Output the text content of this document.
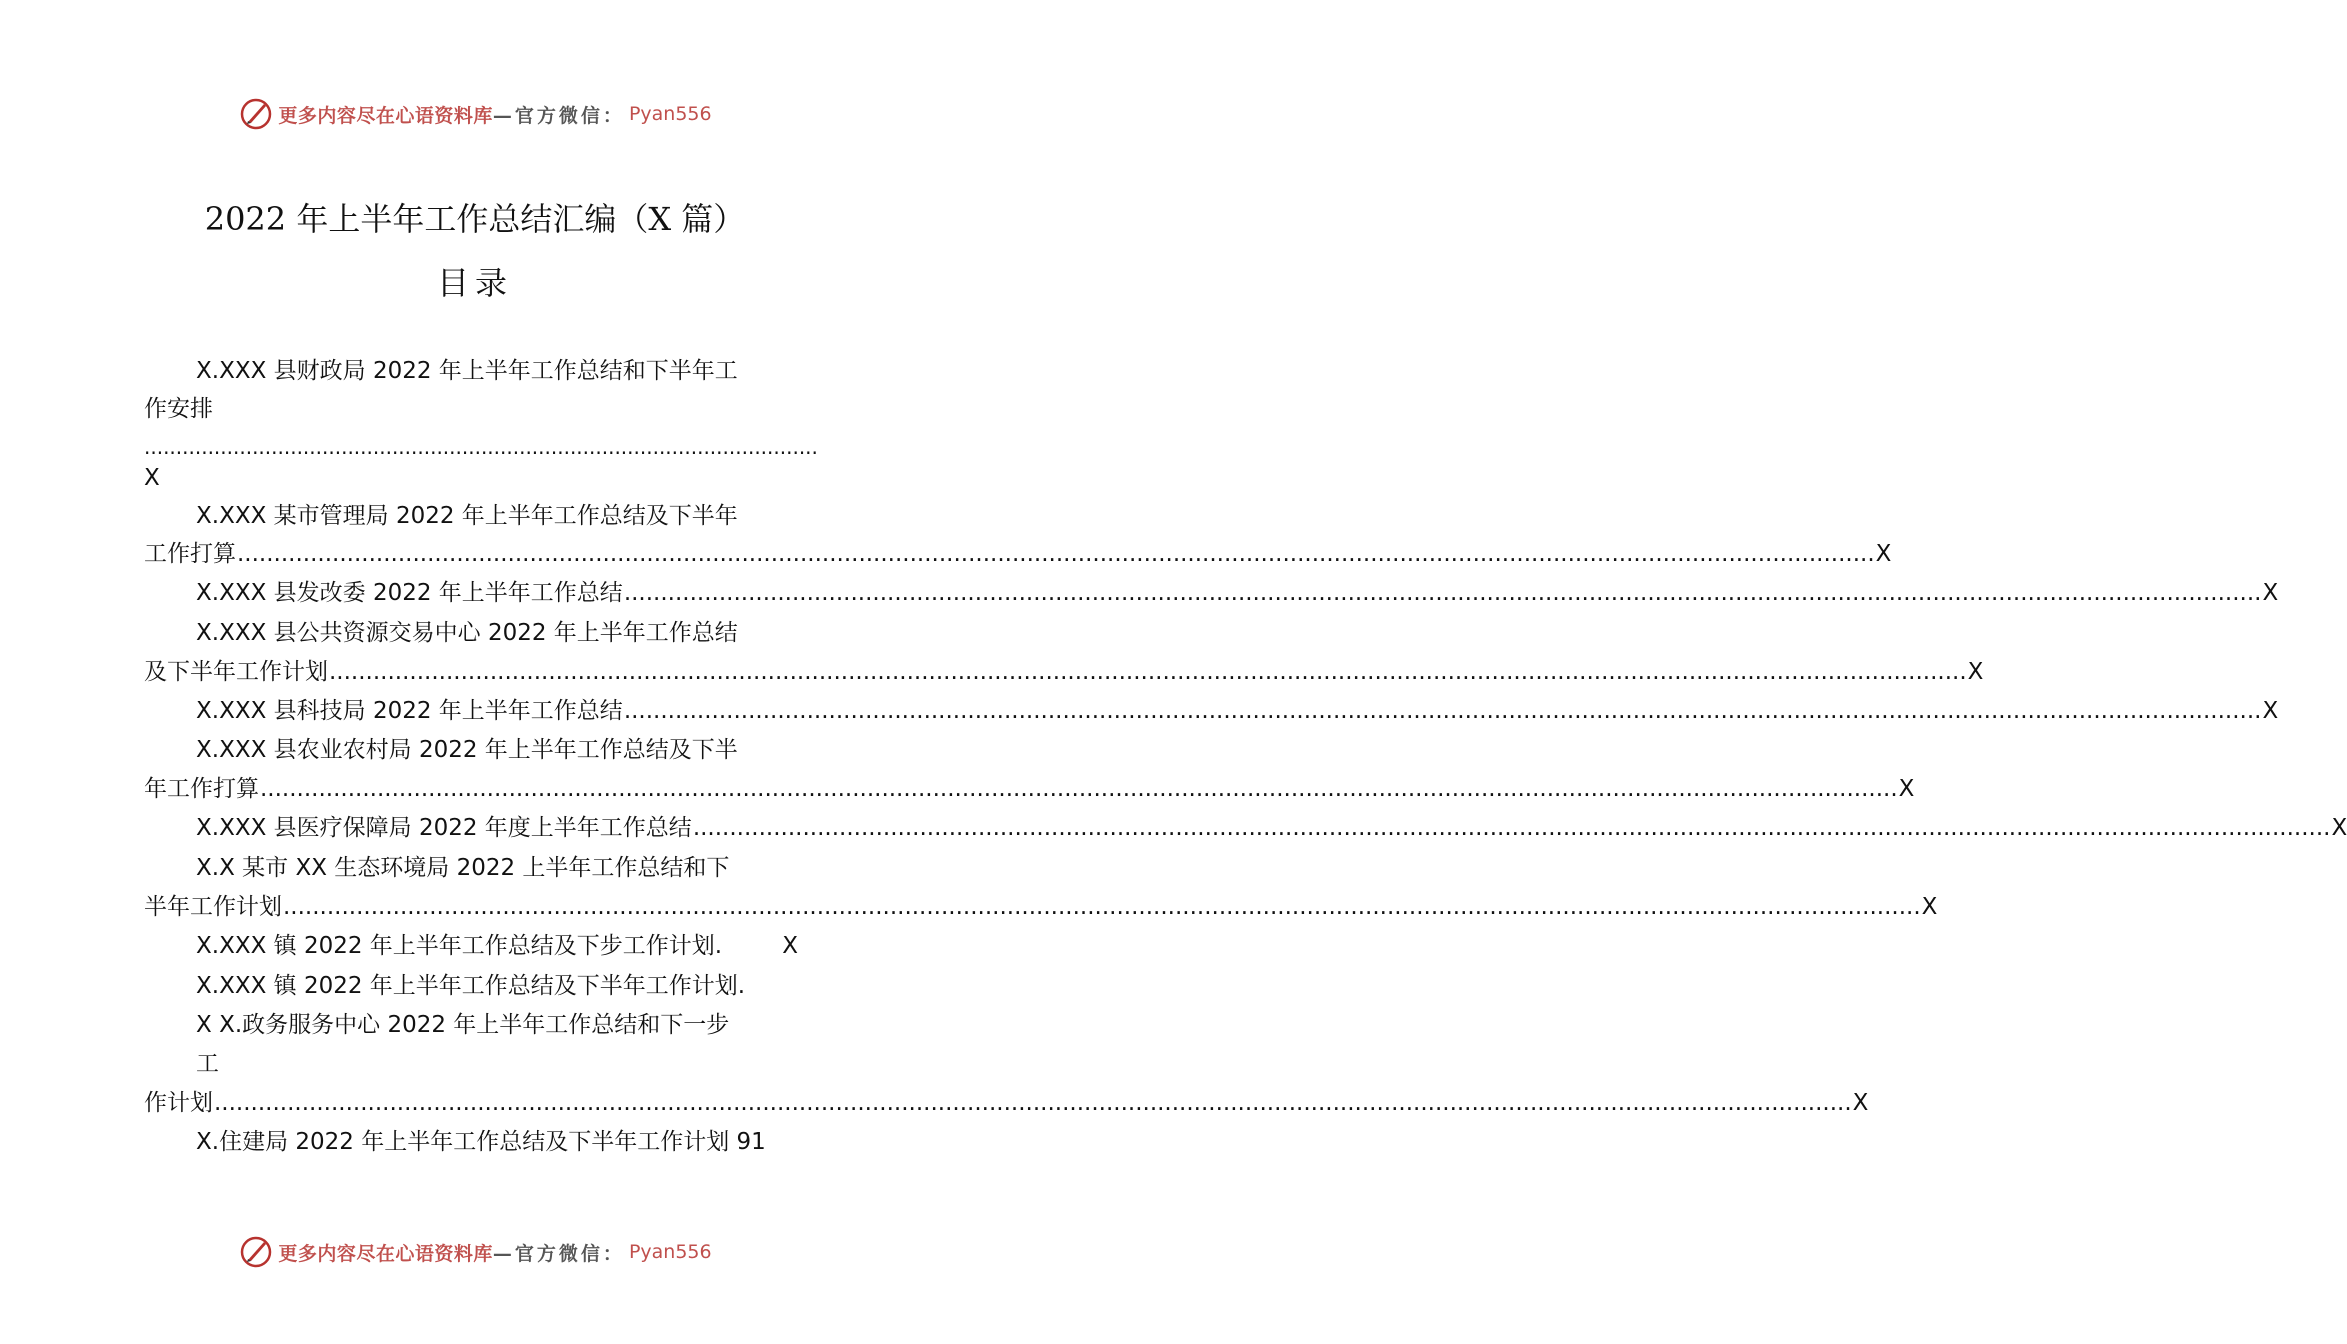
更多内容尽在心语资料库 —官方微信： Pyan556
2022 年上半年工作总结汇编（X 篇）
目录
X.XXX 县财政局 2022 年上半年工作总结和下半年工
作安排
..........................................................................................................
X
X.XXX 某市管理局 2022 年上半年工作总结及下半年
工作打算 ................................................................................................................................................................................................................................ X
X.XXX 县发改委 2022 年上半年工作总结 ................................................................................................................................................................................................................................ X
X.XXX 县公共资源交易中心 2022 年上半年工作总结
及下半年工作计划 ................................................................................................................................................................................................................................ X
X.XXX 县科技局 2022 年上半年工作总结 ................................................................................................................................................................................................................................ X
X.XXX 县农业农村局 2022 年上半年工作总结及下半
年工作打算 ................................................................................................................................................................................................................................ X
X.XXX 县医疗保障局 2022 年度上半年工作总结 ................................................................................................................................................................................................................................ X
X.X 某市 XX 生态环境局 2022 上半年工作总结和下
半年工作计划 ................................................................................................................................................................................................................................ X
X.XXX 镇 2022 年上半年工作总结及下步工作计划.	X
X.XXX 镇 2022 年上半年工作总结及下半年工作计划.
X X.政务服务中心 2022 年上半年工作总结和下一步
工
作计划 ................................................................................................................................................................................................................................ X
X.住建局 2022 年上半年工作总结及下半年工作计划 91
更多内容尽在心语资料库 —官方微信： Pyan556
